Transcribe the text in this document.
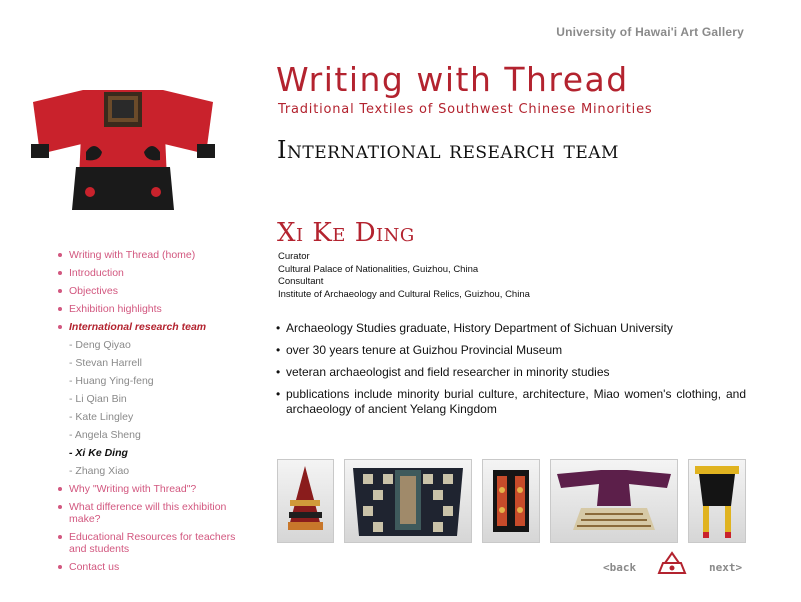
University of Hawai'i Art Gallery
Writing with Thread
Traditional Textiles of Southwest Chinese Minorities
International research team
Xi Ke Ding
Curator
Cultural Palace of Nationalities, Guizhou, China
Consultant
Institute of Archaeology and Cultural Relics, Guizhou, China
• Archaeology Studies graduate, History Department of Sichuan University
• over 30 years tenure at Guizhou Provincial Museum
• veteran archaeologist and field researcher in minority studies
• publications include minority burial culture, architecture, Miao women's clothing, and archaeology of ancient Yelang Kingdom
Writing with Thread (home)
Introduction
Objectives
Exhibition highlights
International research team
- Deng Qiyao
- Stevan Harrell
- Huang Ying-feng
- Li Qian Bin
- Kate Lingley
- Angela Sheng
- Xi Ke Ding
- Zhang Xiao
Why "Writing with Thread"?
What difference will this exhibition make?
Educational Resources for teachers and students
Contact us	<back	next>
